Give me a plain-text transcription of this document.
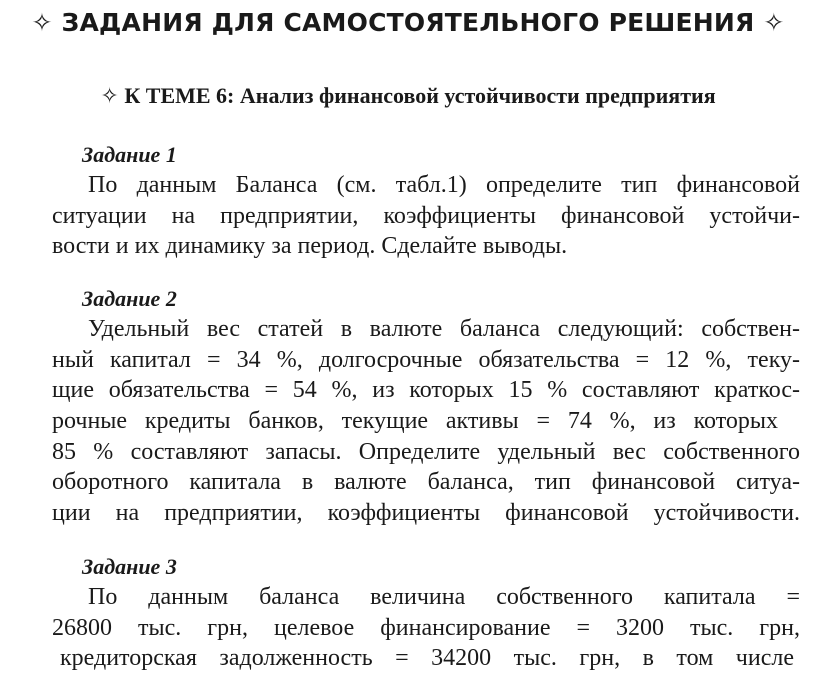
✧ ЗАДАНИЯ ДЛЯ САМОСТОЯТЕЛЬНОГО РЕШЕНИЯ ✧
✧ К ТЕМЕ 6: Анализ финансовой устойчивости предприятия
Задание 1
По данным Баланса (см. табл.1) определите тип финансовой
ситуации на предприятии, коэффициенты финансовой устойчи-
вости и их динамику за период. Сделайте выводы.
Задание 2
Удельный вес статей в валюте баланса следующий: собствен-
ный капитал = 34 %, долгосрочные обязательства = 12 %, теку-
щие обязательства = 54 %, из которых 15 % составляют краткос-
рочные кредиты банков, текущие активы = 74 %, из которых
85 % составляют запасы. Определите удельный вес собственного
оборотного капитала в валюте баланса, тип финансовой ситуа-
ции на предприятии, коэффициенты финансовой устойчивости.
Задание 3
По данным баланса величина собственного капитала =
26800 тыс. грн, целевое финансирование = 3200 тыс. грн,
кредиторская задолженность = 34200 тыс. грн, в том числе
